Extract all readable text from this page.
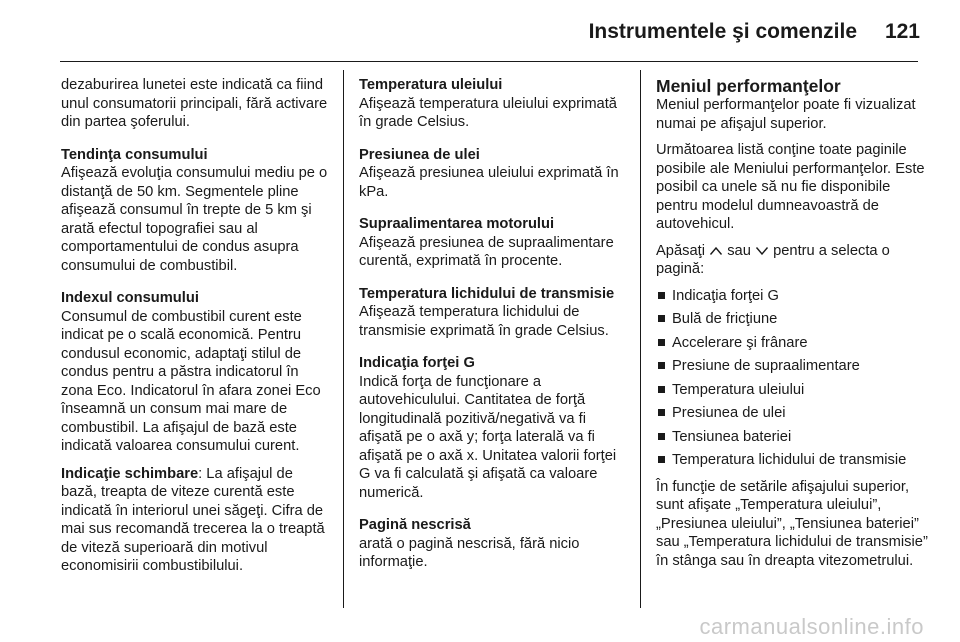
Instrumentele şi comenzile 121
dezaburirea lunetei este indicată ca fiind unul consumatorii principali, fără activare din partea şoferului.
Tendinţa consumului
Afişează evoluţia consumului mediu pe o distanţă de 50 km. Segmentele pline afişează consumul în trepte de 5 km şi arată efectul topografiei sau al comportamentului de condus asupra consumului de combustibil.
Indexul consumului
Consumul de combustibil curent este indicat pe o scală economică. Pentru condusul economic, adaptaţi stilul de condus pentru a păstra indicatorul în zona Eco. Indicatorul în afara zonei Eco înseamnă un consum mai mare de combustibil. La afişajul de bază este indicată valoarea consumului curent.
Indicaţie schimbare: La afişajul de bază, treapta de viteze curentă este indicată în interiorul unei săgeţi. Cifra de mai sus recomandă trecerea la o treaptă de viteză superioară din motivul economisirii combustibilului.
Temperatura uleiului
Afişează temperatura uleiului exprimată în grade Celsius.
Presiunea de ulei
Afişează presiunea uleiului exprimată în kPa.
Supraalimentarea motorului
Afişează presiunea de supraalimentare curentă, exprimată în procente.
Temperatura lichidului de transmisie
Afişează temperatura lichidului de transmisie exprimată în grade Celsius.
Indicaţia forţei G
Indică forţa de funcţionare a autovehiculului. Cantitatea de forţă longitudinală pozitivă/negativă va fi afişată pe o axă y; forţa laterală va fi afişată pe o axă x. Unitatea valorii forţei G va fi calculată şi afişată ca valoare numerică.
Pagină nescrisă
arată o pagină nescrisă, fără nicio informaţie.
Meniul performanţelor
Meniul performanţelor poate fi vizualizat numai pe afişajul superior.
Următoarea listă conţine toate paginile posibile ale Meniului performanţelor. Este posibil ca unele să nu fie disponibile pentru modelul dumneavoastră de autovehicul.
Apăsaţi sau pentru a selecta o pagină:
Indicaţia forţei G
Bulă de fricţiune
Accelerare şi frânare
Presiune de supraalimentare
Temperatura uleiului
Presiunea de ulei
Tensiunea bateriei
Temperatura lichidului de transmisie
În funcţie de setările afişajului superior, sunt afişate „Temperatura uleiului”, „Presiunea uleiului”, „Tensiunea bateriei” sau „Temperatura lichidului de transmisie” în stânga sau în dreapta vitezometrului.
carmanualsonline.info
